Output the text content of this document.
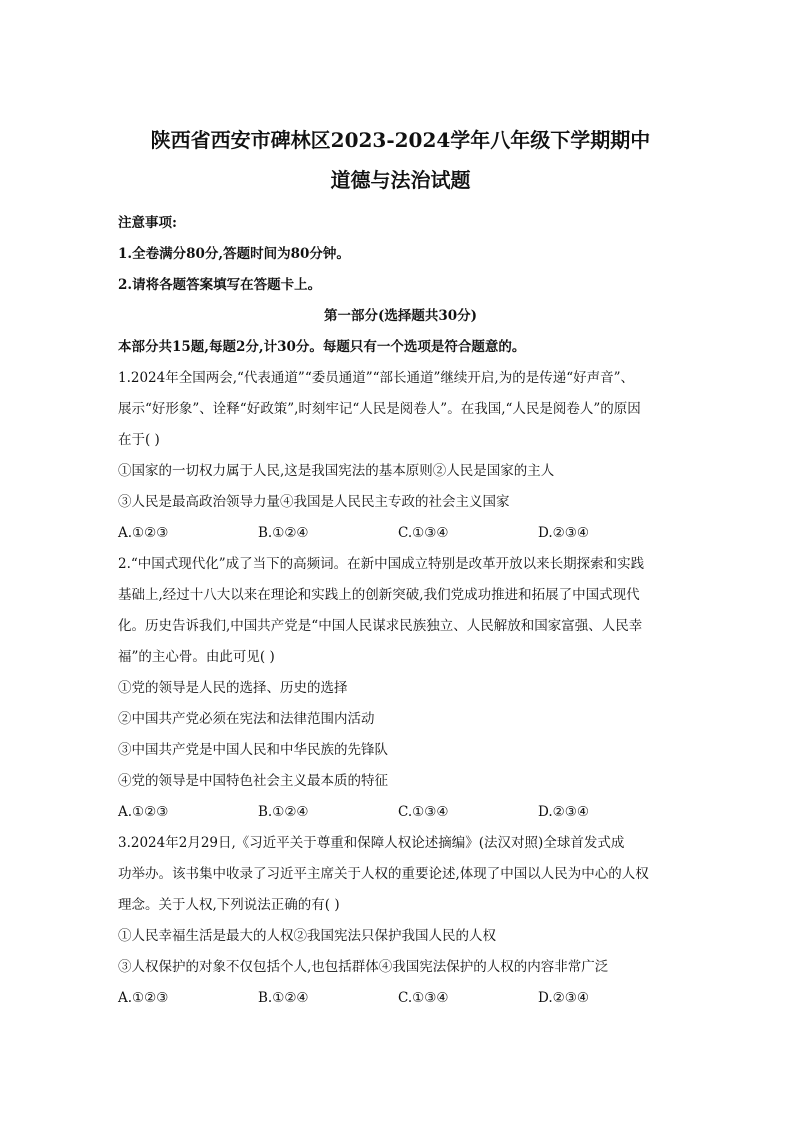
陕西省西安市碑林区2023-2024学年八年级下学期期中
道德与法治试题
注意事项:
1.全卷满分80分,答题时间为80分钟。
2.请将各题答案填写在答题卡上。
第一部分(选择题共30分)
本部分共15题,每题2分,计30分。每题只有一个选项是符合题意的。
1.2024年全国两会,“代表通道”“委员通道”“部长通道”继续开启,为的是传递“好声音”、
展示“好形象”、诠释“好政策”,时刻牢记“人民是阅卷人”。在我国,“人民是阅卷人”的原因
在于( )
①国家的一切权力属于人民,这是我国宪法的基本原则②人民是国家的主人
③人民是最高政治领导力量④我国是人民民主专政的社会主义国家
A.①②③	B.①②④	C.①③④	D.②③④
2.“中国式现代化”成了当下的高频词。在新中国成立特别是改革开放以来长期探索和实践
基础上,经过十八大以来在理论和实践上的创新突破,我们党成功推进和拓展了中国式现代
化。历史告诉我们,中国共产党是“中国人民谋求民族独立、人民解放和国家富强、人民幸
福”的主心骨。由此可见( )
①党的领导是人民的选择、历史的选择
②中国共产党必须在宪法和法律范围内活动
③中国共产党是中国人民和中华民族的先锋队
④党的领导是中国特色社会主义最本质的特征
A.①②③	B.①②④	C.①③④	D.②③④
3.2024年2月29日,《习近平关于尊重和保障人权论述摘编》(法汉对照)全球首发式成
功举办。该书集中收录了习近平主席关于人权的重要论述,体现了中国以人民为中心的人权
理念。关于人权,下列说法正确的有( )
①人民幸福生活是最大的人权②我国宪法只保护我国人民的人权
③人权保护的对象不仅包括个人,也包括群体④我国宪法保护的人权的内容非常广泛
A.①②③	B.①②④	C.①③④	D.②③④
